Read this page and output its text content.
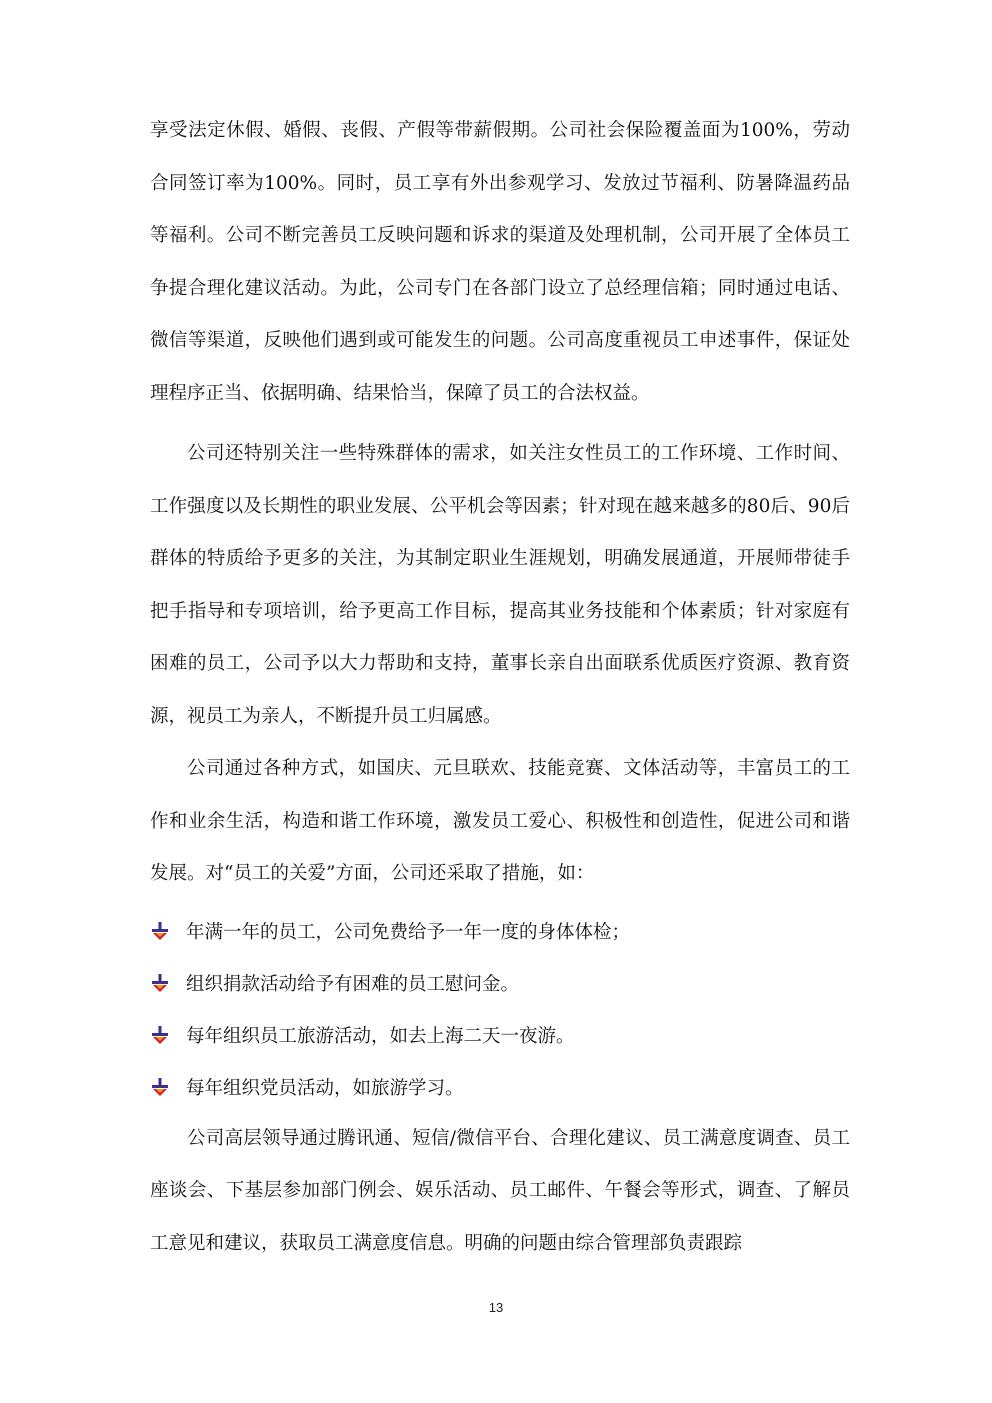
享受法定休假、婚假、丧假、产假等带薪假期。公司社会保险覆盖面为100%，劳动合同签订率为100%。同时，员工享有外出参观学习、发放过节福利、防暑降温药品等福利。公司不断完善员工反映问题和诉求的渠道及处理机制，公司开展了全体员工争提合理化建议活动。为此，公司专门在各部门设立了总经理信箱；同时通过电话、微信等渠道，反映他们遇到或可能发生的问题。公司高度重视员工申述事件，保证处理程序正当、依据明确、结果恰当，保障了员工的合法权益。

公司还特别关注一些特殊群体的需求，如关注女性员工的工作环境、工作时间、工作强度以及长期性的职业发展、公平机会等因素；针对现在越来越多的80后、90后群体的特质给予更多的关注，为其制定职业生涯规划，明确发展通道，开展师带徒手把手指导和专项培训，给予更高工作目标，提高其业务技能和个体素质；针对家庭有困难的员工，公司予以大力帮助和支持，董事长亲自出面联系优质医疗资源、教育资源，视员工为亲人，不断提升员工归属感。

公司通过各种方式，如国庆、元旦联欢、技能竞赛、文体活动等，丰富员工的工作和业余生活，构造和谐工作环境，激发员工爱心、积极性和创造性，促进公司和谐发展。对“员工的关爱”方面，公司还采取了措施，如：

年满一年的员工，公司免费给予一年一度的身体体检；
组织捐款活动给予有困难的员工慰问金。
每年组织员工旅游活动，如去上海二天一夜游。
每年组织党员活动，如旅游学习。

公司高层领导通过腾讯通、短信/微信平台、合理化建议、员工满意度调查、员工座谈会、下基层参加部门例会、娱乐活动、员工邮件、午餐会等形式，调查、了解员工意见和建议，获取员工满意度信息。明确的问题由综合管理部负责跟踪

13
